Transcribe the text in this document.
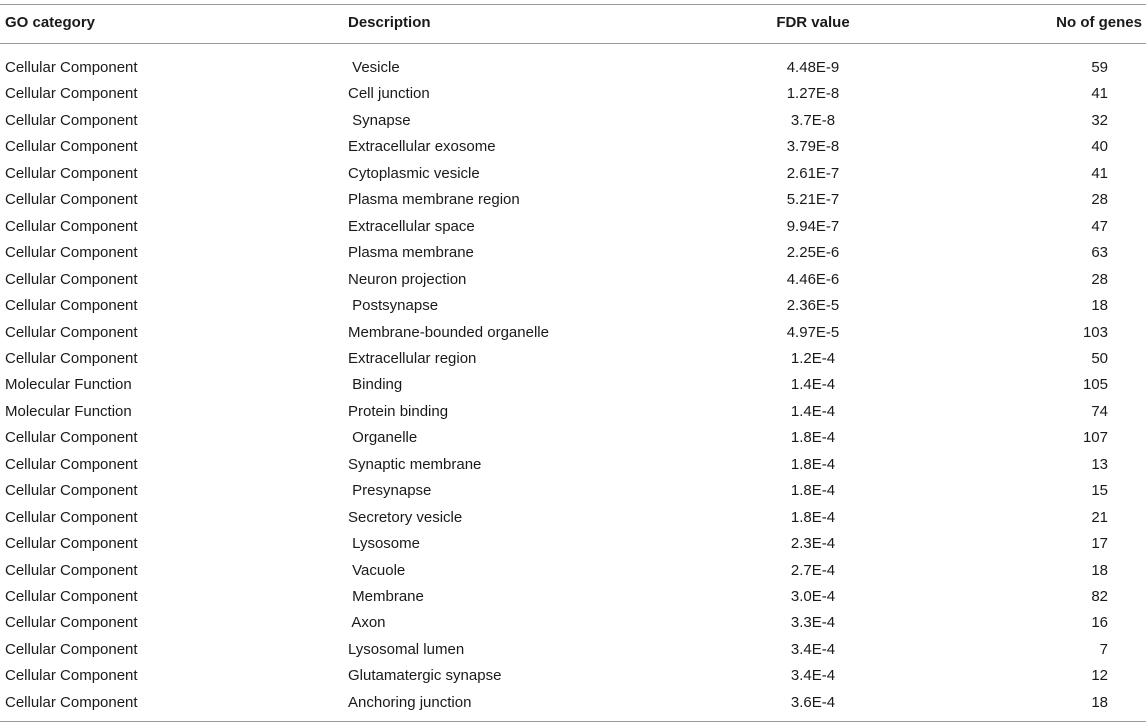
GO category	Description	FDR value	No of genes
Cellular Component	Vesicle	4.48E-9	59
Cellular Component	Cell junction	1.27E-8	41
Cellular Component	Synapse	3.7E-8	32
Cellular Component	Extracellular exosome	3.79E-8	40
Cellular Component	Cytoplasmic vesicle	2.61E-7	41
Cellular Component	Plasma membrane region	5.21E-7	28
Cellular Component	Extracellular space	9.94E-7	47
Cellular Component	Plasma membrane	2.25E-6	63
Cellular Component	Neuron projection	4.46E-6	28
Cellular Component	Postsynapse	2.36E-5	18
Cellular Component	Membrane-bounded organelle	4.97E-5	103
Cellular Component	Extracellular region	1.2E-4	50
Molecular Function	Binding	1.4E-4	105
Molecular Function	Protein binding	1.4E-4	74
Cellular Component	Organelle	1.8E-4	107
Cellular Component	Synaptic membrane	1.8E-4	13
Cellular Component	Presynapse	1.8E-4	15
Cellular Component	Secretory vesicle	1.8E-4	21
Cellular Component	Lysosome	2.3E-4	17
Cellular Component	Vacuole	2.7E-4	18
Cellular Component	Membrane	3.0E-4	82
Cellular Component	Axon	3.3E-4	16
Cellular Component	Lysosomal lumen	3.4E-4	7
Cellular Component	Glutamatergic synapse	3.4E-4	12
Cellular Component	Anchoring junction	3.6E-4	18
